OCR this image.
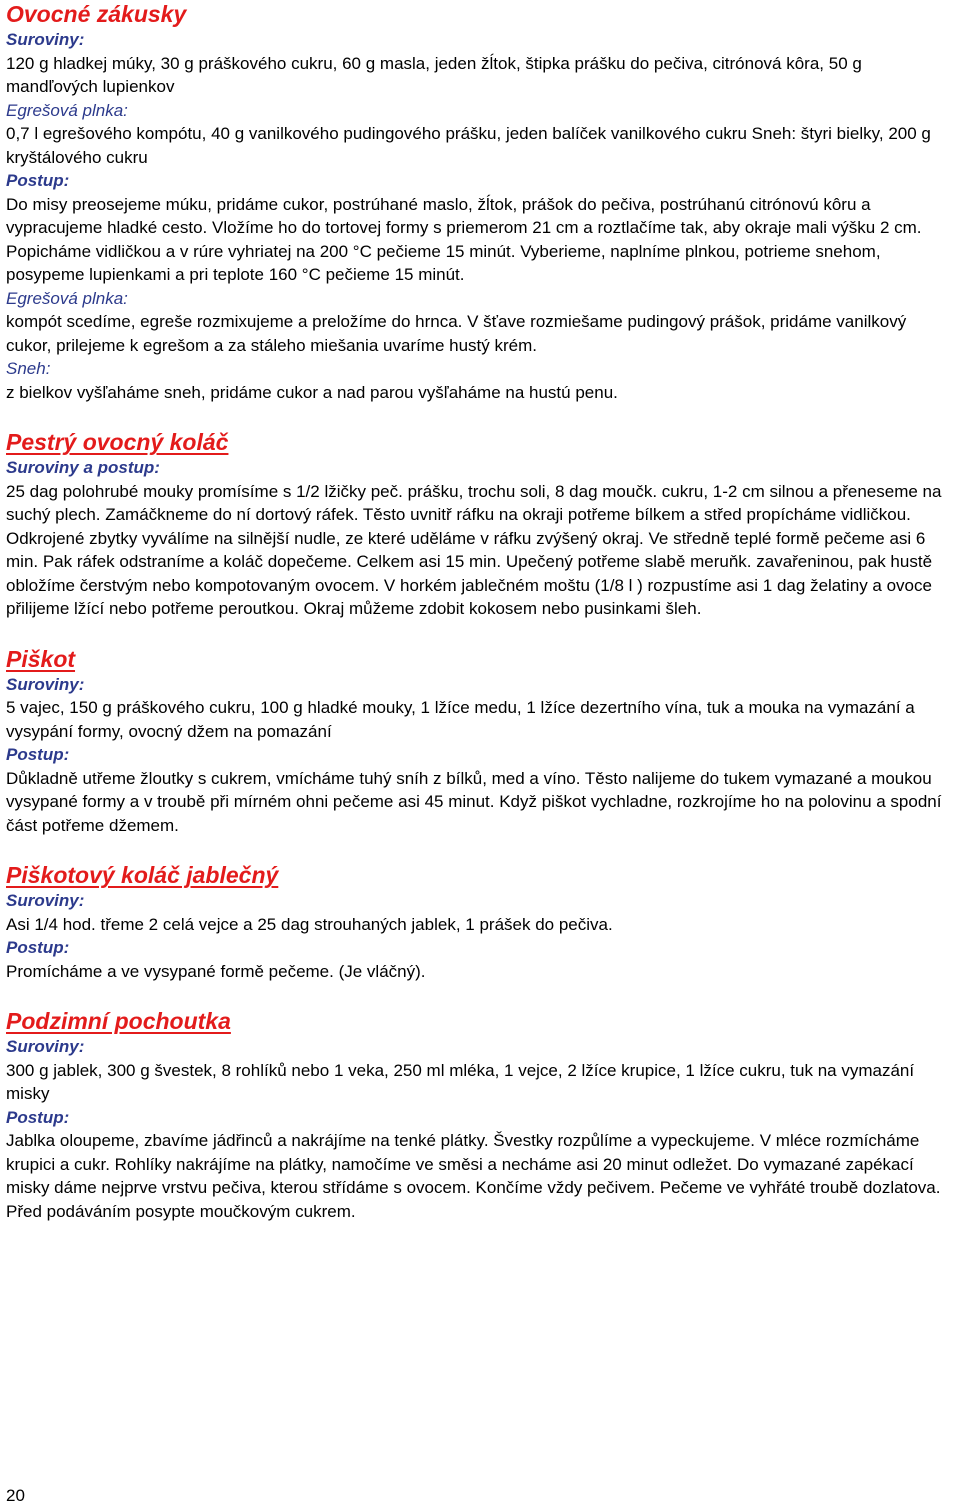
Ovocné zákusky

Suroviny:

120 g hladkej múky, 30 g práškového cukru, 60 g masla, jeden žĺtok, štipka prášku do pečiva, citrónová kôra, 50 g mandľových lupienkov

Egrešová plnka:

0,7 l egrešového kompótu, 40 g vanilkového pudingového prášku, jeden balíček vanilkového cukru Sneh: štyri bielky, 200 g kryštálového cukru

Postup:

Do misy preosejeme múku, pridáme cukor, postrúhané maslo, žĺtok, prášok do pečiva, postrúhanú citrónovú kôru a vypracujeme hladké cesto. Vložíme ho do tortovej formy s priemerom 21 cm a roztlačíme tak, aby okraje mali výšku 2 cm. Popicháme vidličkou a v rúre vyhriatej na 200 °C pečieme 15 minút. Vyberieme, naplníme plnkou, potrieme snehom, posypeme lupienkami a pri teplote 160 °C pečieme 15 minút.

Egrešová plnka:

kompót scedíme, egreše rozmixujeme a preložíme do hrnca. V šťave rozmiešame pudingový prášok, pridáme vanilkový cukor, prilejeme k egrešom a za stáleho miešania uvaríme hustý krém.

Sneh:

z bielkov vyšľaháme sneh, pridáme cukor a nad parou vyšľaháme na hustú penu.

Pestrý ovocný koláč

Suroviny a postup:

25 dag polohrubé mouky promísíme s 1/2 lžičky peč. prášku, trochu soli, 8 dag moučk. cukru, 1-2 cm silnou a přeneseme na suchý plech. Zamáčkneme do ní dortový ráfek. Těsto uvnitř ráfku na okraji potřeme bílkem a střed propícháme vidličkou. Odkrojené zbytky vyválíme na silnější nudle, ze které uděláme v ráfku zvýšený okraj. Ve středně teplé formě pečeme asi 6 min. Pak ráfek odstraníme a koláč dopečeme. Celkem asi 15 min. Upečený potřeme slabě meruňk. zavařeninou, pak hustě obložíme čerstvým nebo kompotovaným ovocem. V horkém jablečném moštu (1/8 l ) rozpustíme asi 1 dag želatiny a ovoce přilijeme lžící nebo potřeme peroutkou. Okraj můžeme zdobit kokosem nebo pusinkami šleh.

Piškot

Suroviny:

5 vajec, 150 g práškového cukru, 100 g hladké mouky, 1 lžíce medu, 1 lžíce dezertního vína, tuk a mouka na vymazání a vysypání formy, ovocný džem na pomazání

Postup:

Důkladně utřeme žloutky s cukrem, vmícháme tuhý sníh z bílků, med a víno. Těsto nalijeme do tukem vymazané a moukou vysypané formy a v troubě při mírném ohni pečeme asi 45 minut. Když piškot vychladne, rozkrojíme ho na polovinu a spodní část potřeme džemem.

Piškotový koláč jablečný

Suroviny:

Asi 1/4 hod. třeme 2 celá vejce a 25 dag strouhaných jablek, 1 prášek do pečiva.

Postup:

Promícháme a ve vysypané formě pečeme. (Je vláčný).

Podzimní pochoutka

Suroviny:

300 g jablek, 300 g švestek, 8 rohlíků nebo 1 veka, 250 ml mléka, 1 vejce, 2 lžíce krupice, 1 lžíce cukru, tuk na vymazání misky

Postup:

Jablka oloupeme, zbavíme jádřinců a nakrájíme na tenké plátky. Švestky rozpůlíme a vypeckujeme. V mléce rozmícháme krupici a cukr. Rohlíky nakrájíme na plátky, namočíme ve směsi a necháme asi 20 minut odležet. Do vymazané zapékací misky dáme nejprve vrstvu pečiva, kterou střídáme s ovocem. Končíme vždy pečivem. Pečeme ve vyhřáté troubě dozlatova. Před podáváním posypte moučkovým cukrem.

20
